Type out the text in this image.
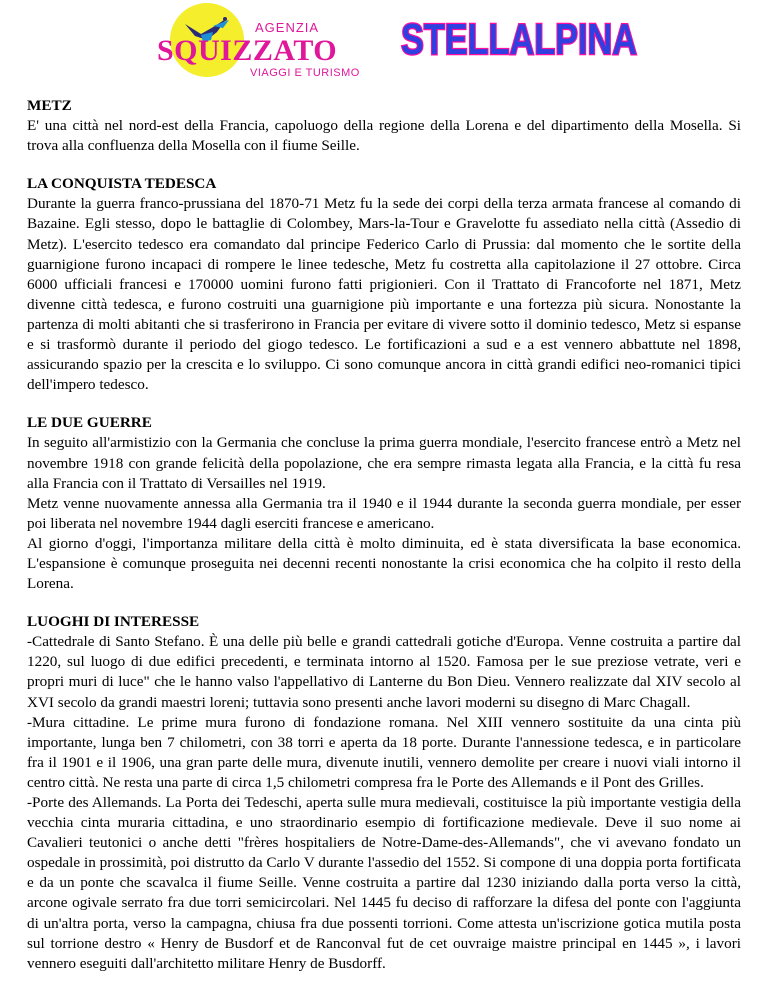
AGENZIA
SQUIZZATO
VIAGGI E TURISMO
STELLALPINA

METZ

E' una città nel nord-est della Francia, capoluogo della regione della Lorena e del dipartimento della Mosella. Si trova alla confluenza della Mosella con il fiume Seille.

LA CONQUISTA TEDESCA

Durante la guerra franco-prussiana del 1870-71 Metz fu la sede dei corpi della terza armata francese al comando di Bazaine. Egli stesso, dopo le battaglie di Colombey, Mars-la-Tour e Gravelotte fu assediato nella città (Assedio di Metz). L'esercito tedesco era comandato dal principe Federico Carlo di Prussia: dal momento che le sortite della guarnigione furono incapaci di rompere le linee tedesche, Metz fu costretta alla capitolazione il 27 ottobre. Circa 6000 ufficiali francesi e 170000 uomini furono fatti prigionieri. Con il Trattato di Francoforte nel 1871, Metz divenne città tedesca, e furono costruiti una guarnigione più importante e una fortezza più sicura. Nonostante la partenza di molti abitanti che si trasferirono in Francia per evitare di vivere sotto il dominio tedesco, Metz si espanse e si trasformò durante il periodo del giogo tedesco. Le fortificazioni a sud e a est vennero abbattute nel 1898, assicurando spazio per la crescita e lo sviluppo. Ci sono comunque ancora in città grandi edifici neo-romanici tipici dell'impero tedesco.

LE DUE GUERRE

In seguito all'armistizio con la Germania che concluse la prima guerra mondiale, l'esercito francese entrò a Metz nel novembre 1918 con grande felicità della popolazione, che era sempre rimasta legata alla Francia, e la città fu resa alla Francia con il Trattato di Versailles nel 1919.

Metz venne nuovamente annessa alla Germania tra il 1940 e il 1944 durante la seconda guerra mondiale, per esser poi liberata nel novembre 1944 dagli eserciti francese e americano.

Al giorno d'oggi, l'importanza militare della città è molto diminuita, ed è stata diversificata la base economica. L'espansione è comunque proseguita nei decenni recenti nonostante la crisi economica che ha colpito il resto della Lorena.

LUOGHI DI INTERESSE

-Cattedrale di Santo Stefano. È una delle più belle e grandi cattedrali gotiche d'Europa. Venne costruita a partire dal 1220, sul luogo di due edifici precedenti, e terminata intorno al 1520. Famosa per le sue preziose vetrate, veri e propri muri di luce" che le hanno valso l'appellativo di Lanterne du Bon Dieu. Vennero realizzate dal XIV secolo al XVI secolo da grandi maestri loreni; tuttavia sono presenti anche lavori moderni su disegno di Marc Chagall.

-Mura cittadine. Le prime mura furono di fondazione romana. Nel XIII vennero sostituite da una cinta più importante, lunga ben 7 chilometri, con 38 torri e aperta da 18 porte. Durante l'annessione tedesca, e in particolare fra il 1901 e il 1906, una gran parte delle mura, divenute inutili, vennero demolite per creare i nuovi viali intorno il centro città. Ne resta una parte di circa 1,5 chilometri compresa fra le Porte des Allemands e il Pont des Grilles.

-Porte des Allemands. La Porta dei Tedeschi, aperta sulle mura medievali, costituisce la più importante vestigia della vecchia cinta muraria cittadina, e uno straordinario esempio di fortificazione medievale. Deve il suo nome ai Cavalieri teutonici o anche detti "frères hospitaliers de Notre-Dame-des-Allemands", che vi avevano fondato un ospedale in prossimità, poi distrutto da Carlo V durante l'assedio del 1552. Si compone di una doppia porta fortificata e da un ponte che scavalca il fiume Seille. Venne costruita a partire dal 1230 iniziando dalla porta verso la città, arcone ogivale serrato fra due torri semicircolari. Nel 1445 fu deciso di rafforzare la difesa del ponte con l'aggiunta di un'altra porta, verso la campagna, chiusa fra due possenti torrioni. Come attesta un'iscrizione gotica mutila posta sul torrione destro « Henry de Busdorf et de Ranconval fut de cet ouvraige maistre principal en 1445 », i lavori vennero eseguiti dall'architetto militare Henry de Busdorff.
